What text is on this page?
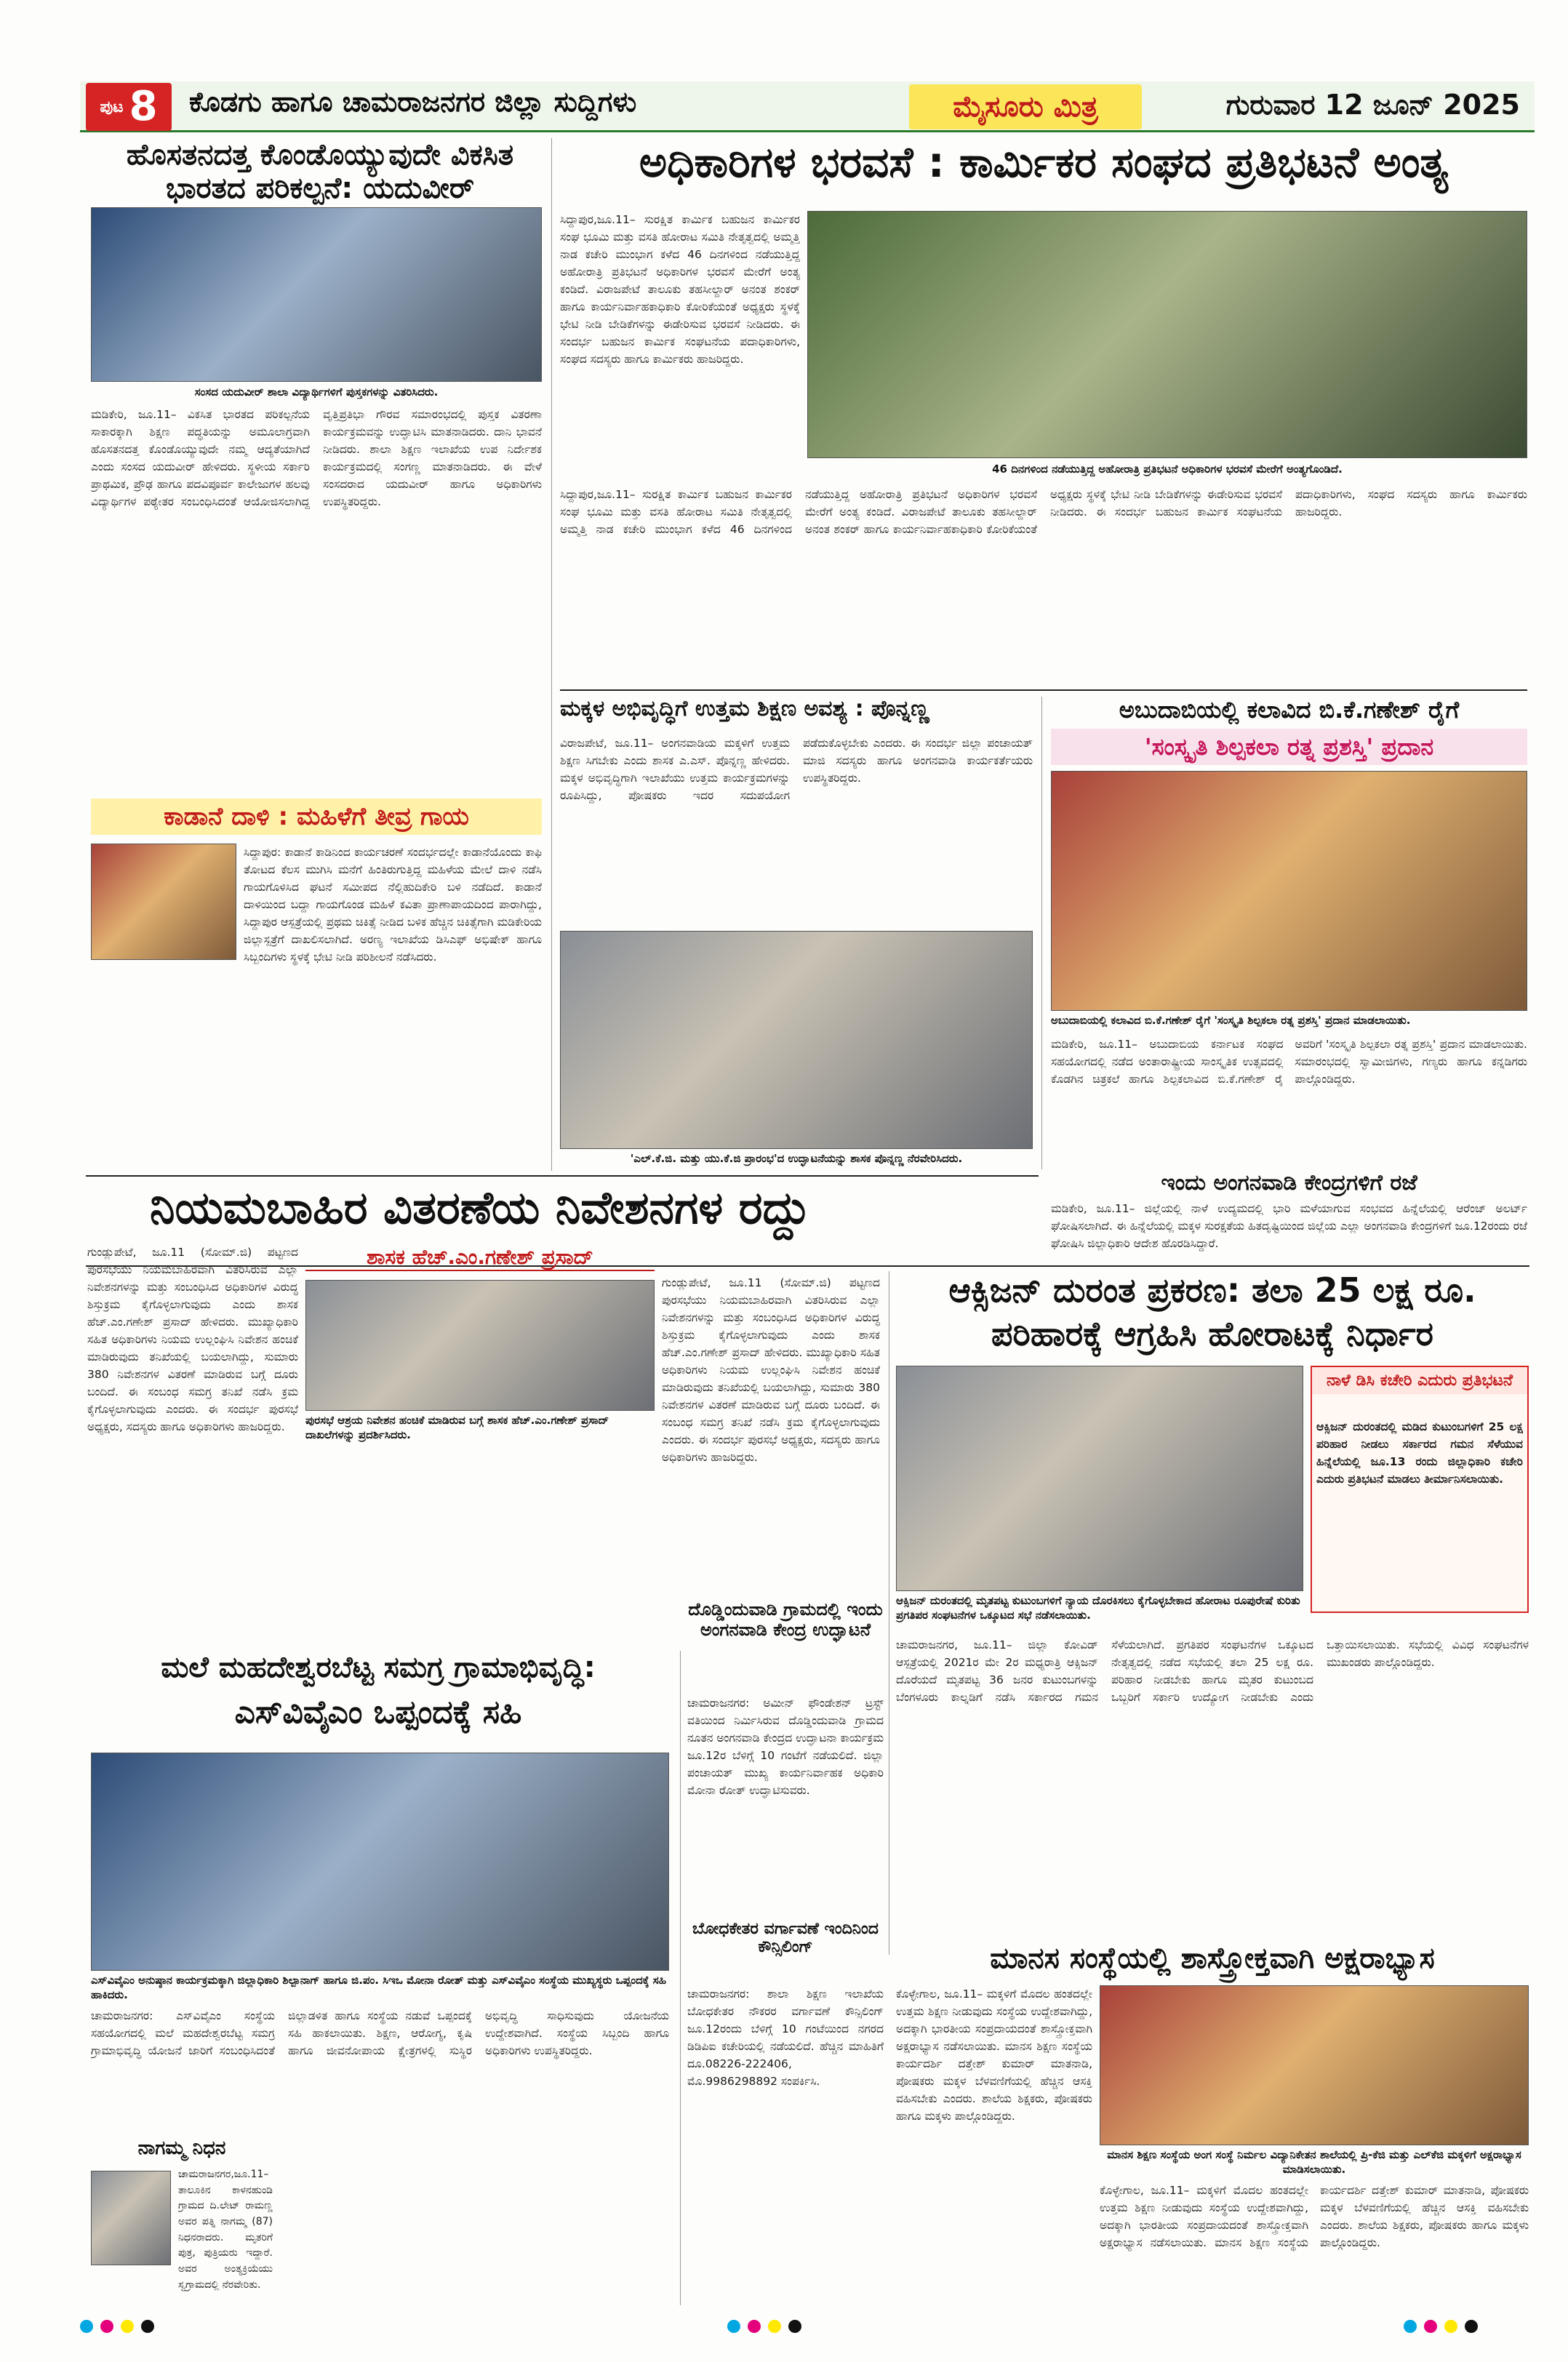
ಪುಟ 8 ಕೊಡಗು ಹಾಗೂ ಚಾಮರಾಜನಗರ ಜಿಲ್ಲಾ ಸುದ್ದಿಗಳು	ಮೈಸೂರು ಮಿತ್ರ	ಗುರುವಾರ 12 ಜೂನ್ 2025
ಹೊಸತನದತ್ತ ಕೊಂಡೊಯ್ಯುವುದೇ ವಿಕಸಿತ ಭಾರತದ ಪರಿಕಲ್ಪನೆ: ಯದುವೀರ್
ಸಂಸದ ಯದುವೀರ್ ಶಾಲಾ ವಿದ್ಯಾರ್ಥಿಗಳಿಗೆ ಪುಸ್ತಕಗಳನ್ನು ವಿತರಿಸಿದರು.
ಮಡಿಕೇರಿ, ಜೂ.11– ವಿಕಸಿತ ಭಾರತದ ಪರಿಕಲ್ಪನೆಯ ಸಾಕಾರಕ್ಕಾಗಿ ಶಿಕ್ಷಣ ಪದ್ಧತಿಯನ್ನು ಅಮೂಲಾಗ್ರವಾಗಿ ಹೊಸತನದತ್ತ ಕೊಂಡೊಯ್ಯುವುದೇ ನಮ್ಮ ಆದ್ಯತೆಯಾಗಿದೆ ಎಂದು ಸಂಸದ ಯದುವೀರ್ ಹೇಳಿದರು. ಸ್ಥಳೀಯ ಸರ್ಕಾರಿ ಪ್ರಾಥಮಿಕ, ಪ್ರೌಢ ಹಾಗೂ ಪದವಿಪೂರ್ವ ಕಾಲೇಜುಗಳ ಹಲವು ವಿದ್ಯಾರ್ಥಿಗಳ ಪಠ್ಯೇತರ ಸಂಬಂಧಿಸಿದಂತೆ ಆಯೋಜಿಸಲಾಗಿದ್ದ ವೃತ್ತಿಪ್ರತಿಭಾ ಗೌರವ ಸಮಾರಂಭದಲ್ಲಿ ಪುಸ್ತಕ ವಿತರಣಾ ಕಾರ್ಯಕ್ರಮವನ್ನು ಉದ್ಘಾಟಿಸಿ ಮಾತನಾಡಿದರು. ದಾನಿ ಭಾವನೆ ನೀಡಿದರು. ಶಾಲಾ ಶಿಕ್ಷಣ ಇಲಾಖೆಯ ಉಪ ನಿರ್ದೇಶಕ ಕಾರ್ಯಕ್ರಮದಲ್ಲಿ ಸಂಗಣ್ಣ ಮಾತನಾಡಿದರು. ಈ ವೇಳೆ ಸಂಸದರಾದ ಯದುವೀರ್ ಹಾಗೂ ಅಧಿಕಾರಿಗಳು ಉಪಸ್ಥಿತರಿದ್ದರು.
ಕಾಡಾನೆ ದಾಳಿ : ಮಹಿಳೆಗೆ ತೀವ್ರ ಗಾಯ
ಸಿದ್ದಾಪುರ: ಕಾಡಾನೆ ಕಾಡಿನಿಂದ ಕಾರ್ಯಚರಣೆ ಸಂದರ್ಭದಲ್ಲೇ ಕಾಡಾನೆಯೊಂದು ಕಾಫಿ ತೋಟದ ಕೆಲಸ ಮುಗಿಸಿ ಮನೆಗೆ ಹಿಂತಿರುಗುತ್ತಿದ್ದ ಮಹಿಳೆಯ ಮೇಲೆ ದಾಳಿ ನಡೆಸಿ ಗಾಯಗೊಳಿಸಿದ ಘಟನೆ ಸಮೀಪದ ನೆಲ್ಲಿಹುದಿಕೇರಿ ಬಳಿ ನಡೆದಿದೆ. ಕಾಡಾನೆ ದಾಳಿಯಿಂದ ಬದ್ದಾ ಗಾಯಗೊಂಡ ಮಹಿಳೆ ಕವಿತಾ ಪ್ರಾಣಾಪಾಯದಿಂದ ಪಾರಾಗಿದ್ದು, ಸಿದ್ದಾಪುರ ಆಸ್ಪತ್ರೆಯಲ್ಲಿ ಪ್ರಥಮ ಚಿಕಿತ್ಸೆ ನೀಡಿದ ಬಳಿಕ ಹೆಚ್ಚಿನ ಚಿಕಿತ್ಸೆಗಾಗಿ ಮಡಿಕೇರಿಯ ಜಿಲ್ಲಾಸ್ಪತ್ರೆಗೆ ದಾಖಲಿಸಲಾಗಿದೆ. ಅರಣ್ಯ ಇಲಾಖೆಯ ಡಿಸಿಎಫ್ ಅಭಿಷೇಕ್ ಹಾಗೂ ಸಿಬ್ಬಂದಿಗಳು ಸ್ಥಳಕ್ಕೆ ಭೇಟಿ ನೀಡಿ ಪರಿಶೀಲನೆ ನಡೆಸಿದರು.
ಅಧಿಕಾರಿಗಳ ಭರವಸೆ : ಕಾರ್ಮಿಕರ ಸಂಘದ ಪ್ರತಿಭಟನೆ ಅಂತ್ಯ
ಸಿದ್ದಾಪುರ,ಜೂ.11– ಸುರಕ್ಷಿತ ಕಾರ್ಮಿಕ ಬಹುಜನ ಕಾರ್ಮಿಕರ ಸಂಘ ಭೂಮಿ ಮತ್ತು ವಸತಿ ಹೋರಾಟ ಸಮಿತಿ ನೇತೃತ್ವದಲ್ಲಿ ಅಮ್ಮತ್ತಿ ನಾಡ ಕಚೇರಿ ಮುಂಭಾಗ ಕಳೆದ 46 ದಿನಗಳಿಂದ ನಡೆಯುತ್ತಿದ್ದ ಅಹೋರಾತ್ರಿ ಪ್ರತಿಭಟನೆ ಅಧಿಕಾರಿಗಳ ಭರವಸೆ ಮೇರೆಗೆ ಅಂತ್ಯ ಕಂಡಿದೆ. ವಿರಾಜಪೇಟೆ ತಾಲೂಕು ತಹಸೀಲ್ದಾರ್ ಅನಂತ ಶಂಕರ್ ಹಾಗೂ ಕಾರ್ಯನಿರ್ವಾಹಕಾಧಿಕಾರಿ ಕೋರಿಕೆಯಂತೆ ಅಧ್ಯಕ್ಷರು ಸ್ಥಳಕ್ಕೆ ಭೇಟಿ ನೀಡಿ ಬೇಡಿಕೆಗಳನ್ನು ಈಡೇರಿಸುವ ಭರವಸೆ ನೀಡಿದರು. ಈ ಸಂದರ್ಭ ಬಹುಜನ ಕಾರ್ಮಿಕ ಸಂಘಟನೆಯ ಪದಾಧಿಕಾರಿಗಳು, ಸಂಘದ ಸದಸ್ಯರು ಹಾಗೂ ಕಾರ್ಮಿಕರು ಹಾಜರಿದ್ದರು.
46 ದಿನಗಳಿಂದ ನಡೆಯುತ್ತಿದ್ದ ಅಹೋರಾತ್ರಿ ಪ್ರತಿಭಟನೆ ಅಧಿಕಾರಿಗಳ ಭರವಸೆ ಮೇರೆಗೆ ಅಂತ್ಯಗೊಂಡಿದೆ.
ಸಿದ್ದಾಪುರ,ಜೂ.11– ಸುರಕ್ಷಿತ ಕಾರ್ಮಿಕ ಬಹುಜನ ಕಾರ್ಮಿಕರ ಸಂಘ ಭೂಮಿ ಮತ್ತು ವಸತಿ ಹೋರಾಟ ಸಮಿತಿ ನೇತೃತ್ವದಲ್ಲಿ ಅಮ್ಮತ್ತಿ ನಾಡ ಕಚೇರಿ ಮುಂಭಾಗ ಕಳೆದ 46 ದಿನಗಳಿಂದ ನಡೆಯುತ್ತಿದ್ದ ಅಹೋರಾತ್ರಿ ಪ್ರತಿಭಟನೆ ಅಧಿಕಾರಿಗಳ ಭರವಸೆ ಮೇರೆಗೆ ಅಂತ್ಯ ಕಂಡಿದೆ. ವಿರಾಜಪೇಟೆ ತಾಲೂಕು ತಹಸೀಲ್ದಾರ್ ಅನಂತ ಶಂಕರ್ ಹಾಗೂ ಕಾರ್ಯನಿರ್ವಾಹಕಾಧಿಕಾರಿ ಕೋರಿಕೆಯಂತೆ ಅಧ್ಯಕ್ಷರು ಸ್ಥಳಕ್ಕೆ ಭೇಟಿ ನೀಡಿ ಬೇಡಿಕೆಗಳನ್ನು ಈಡೇರಿಸುವ ಭರವಸೆ ನೀಡಿದರು. ಈ ಸಂದರ್ಭ ಬಹುಜನ ಕಾರ್ಮಿಕ ಸಂಘಟನೆಯ ಪದಾಧಿಕಾರಿಗಳು, ಸಂಘದ ಸದಸ್ಯರು ಹಾಗೂ ಕಾರ್ಮಿಕರು ಹಾಜರಿದ್ದರು.
ಮಕ್ಕಳ ಅಭಿವೃದ್ಧಿಗೆ ಉತ್ತಮ ಶಿಕ್ಷಣ ಅವಶ್ಯ : ಪೊನ್ನಣ್ಣ
ವಿರಾಜಪೇಟೆ, ಜೂ.11– ಅಂಗನವಾಡಿಯ ಮಕ್ಕಳಿಗೆ ಉತ್ತಮ ಶಿಕ್ಷಣ ಸಿಗಬೇಕು ಎಂದು ಶಾಸಕ ಎ.ಎಸ್. ಪೊನ್ನಣ್ಣ ಹೇಳಿದರು. ಮಕ್ಕಳ ಅಭಿವೃದ್ಧಿಗಾಗಿ ಇಲಾಖೆಯು ಉತ್ತಮ ಕಾರ್ಯಕ್ರಮಗಳನ್ನು ರೂಪಿಸಿದ್ದು, ಪೋಷಕರು ಇದರ ಸದುಪಯೋಗ ಪಡೆದುಕೊಳ್ಳಬೇಕು ಎಂದರು. ಈ ಸಂದರ್ಭ ಜಿಲ್ಲಾ ಪಂಚಾಯತ್ ಮಾಜಿ ಸದಸ್ಯರು ಹಾಗೂ ಅಂಗನವಾಡಿ ಕಾರ್ಯಕರ್ತೆಯರು ಉಪಸ್ಥಿತರಿದ್ದರು.
'ಎಲ್.ಕೆ.ಜಿ. ಮತ್ತು ಯು.ಕೆ.ಜಿ ಪ್ರಾರಂಭ'ದ ಉದ್ಘಾಟನೆಯನ್ನು ಶಾಸಕ ಪೊನ್ನಣ್ಣ ನೆರವೇರಿಸಿದರು.
ಅಬುದಾಬಿಯಲ್ಲಿ ಕಲಾವಿದ ಬಿ.ಕೆ.ಗಣೇಶ್ ರೈಗೆ
'ಸಂಸ್ಕೃತಿ ಶಿಲ್ಪಕಲಾ ರತ್ನ ಪ್ರಶಸ್ತಿ' ಪ್ರದಾನ
ಅಬುದಾಬಿಯಲ್ಲಿ ಕಲಾವಿದ ಬಿ.ಕೆ.ಗಣೇಶ್ ರೈಗೆ 'ಸಂಸ್ಕೃತಿ ಶಿಲ್ಪಕಲಾ ರತ್ನ ಪ್ರಶಸ್ತಿ' ಪ್ರದಾನ ಮಾಡಲಾಯಿತು.
ಮಡಿಕೇರಿ, ಜೂ.11– ಅಬುದಾಬಿಯ ಕರ್ನಾಟಕ ಸಂಘದ ಸಹಯೋಗದಲ್ಲಿ ನಡೆದ ಅಂತಾರಾಷ್ಟ್ರೀಯ ಸಾಂಸ್ಕೃತಿಕ ಉತ್ಸವದಲ್ಲಿ ಕೊಡಗಿನ ಚಿತ್ರಕಲೆ ಹಾಗೂ ಶಿಲ್ಪಕಲಾವಿದ ಬಿ.ಕೆ.ಗಣೇಶ್ ರೈ ಅವರಿಗೆ 'ಸಂಸ್ಕೃತಿ ಶಿಲ್ಪಕಲಾ ರತ್ನ ಪ್ರಶಸ್ತಿ' ಪ್ರದಾನ ಮಾಡಲಾಯಿತು. ಸಮಾರಂಭದಲ್ಲಿ ಸ್ವಾಮೀಜಿಗಳು, ಗಣ್ಯರು ಹಾಗೂ ಕನ್ನಡಿಗರು ಪಾಲ್ಗೊಂಡಿದ್ದರು.
ಇಂದು ಅಂಗನವಾಡಿ ಕೇಂದ್ರಗಳಿಗೆ ರಜೆ
ಮಡಿಕೇರಿ, ಜೂ.11– ಜಿಲ್ಲೆಯಲ್ಲಿ ನಾಳೆ ಉದ್ಯಮದಲ್ಲಿ ಭಾರಿ ಮಳೆಯಾಗುವ ಸಂಭವದ ಹಿನ್ನೆಲೆಯಲ್ಲಿ ಆರೆಂಜ್ ಅಲರ್ಟ್ ಘೋಷಿಸಲಾಗಿದೆ. ಈ ಹಿನ್ನೆಲೆಯಲ್ಲಿ ಮಕ್ಕಳ ಸುರಕ್ಷತೆಯ ಹಿತದೃಷ್ಟಿಯಿಂದ ಜಿಲ್ಲೆಯ ಎಲ್ಲಾ ಅಂಗನವಾಡಿ ಕೇಂದ್ರಗಳಿಗೆ ಜೂ.12ರಂದು ರಜೆ ಘೋಷಿಸಿ ಜಿಲ್ಲಾಧಿಕಾರಿ ಆದೇಶ ಹೊರಡಿಸಿದ್ದಾರೆ.
ನಿಯಮಬಾಹಿರ ವಿತರಣೆಯ ನಿವೇಶನಗಳ ರದ್ದು
ಗುಂಡ್ಲುಪೇಟೆ, ಜೂ.11 (ಸೋಮ್.ಜಿ) ಪಟ್ಟಣದ ಪುರಸಭೆಯು ನಿಯಮಬಾಹಿರವಾಗಿ ವಿತರಿಸಿರುವ ಎಲ್ಲಾ ನಿವೇಶನಗಳನ್ನು ಮತ್ತು ಸಂಬಂಧಿಸಿದ ಅಧಿಕಾರಿಗಳ ವಿರುದ್ಧ ಶಿಸ್ತುಕ್ರಮ ಕೈಗೊಳ್ಳಲಾಗುವುದು ಎಂದು ಶಾಸಕ ಹೆಚ್.ಎಂ.ಗಣೇಶ್ ಪ್ರಸಾದ್ ಹೇಳಿದರು. ಮುಖ್ಯಾಧಿಕಾರಿ ಸಹಿತ ಅಧಿಕಾರಿಗಳು ನಿಯಮ ಉಲ್ಲಂಘಿಸಿ ನಿವೇಶನ ಹಂಚಿಕೆ ಮಾಡಿರುವುದು ತನಿಖೆಯಲ್ಲಿ ಬಯಲಾಗಿದ್ದು, ಸುಮಾರು 380 ನಿವೇಶನಗಳ ವಿತರಣೆ ಮಾಡಿರುವ ಬಗ್ಗೆ ದೂರು ಬಂದಿದೆ. ಈ ಸಂಬಂಧ ಸಮಗ್ರ ತನಿಖೆ ನಡೆಸಿ ಕ್ರಮ ಕೈಗೊಳ್ಳಲಾಗುವುದು ಎಂದರು. ಈ ಸಂದರ್ಭ ಪುರಸಭೆ ಅಧ್ಯಕ್ಷರು, ಸದಸ್ಯರು ಹಾಗೂ ಅಧಿಕಾರಿಗಳು ಹಾಜರಿದ್ದರು.
ಶಾಸಕ ಹೆಚ್.ಎಂ.ಗಣೇಶ್ ಪ್ರಸಾದ್
ಪುರಸಭೆ ಆಶ್ರಯ ನಿವೇಶನ ಹಂಚಿಕೆ ಮಾಡಿರುವ ಬಗ್ಗೆ ಶಾಸಕ ಹೆಚ್.ಎಂ.ಗಣೇಶ್ ಪ್ರಸಾದ್ ದಾಖಲೆಗಳನ್ನು ಪ್ರದರ್ಶಿಸಿದರು.
ಗುಂಡ್ಲುಪೇಟೆ, ಜೂ.11 (ಸೋಮ್.ಜಿ) ಪಟ್ಟಣದ ಪುರಸಭೆಯು ನಿಯಮಬಾಹಿರವಾಗಿ ವಿತರಿಸಿರುವ ಎಲ್ಲಾ ನಿವೇಶನಗಳನ್ನು ಮತ್ತು ಸಂಬಂಧಿಸಿದ ಅಧಿಕಾರಿಗಳ ವಿರುದ್ಧ ಶಿಸ್ತುಕ್ರಮ ಕೈಗೊಳ್ಳಲಾಗುವುದು ಎಂದು ಶಾಸಕ ಹೆಚ್.ಎಂ.ಗಣೇಶ್ ಪ್ರಸಾದ್ ಹೇಳಿದರು. ಮುಖ್ಯಾಧಿಕಾರಿ ಸಹಿತ ಅಧಿಕಾರಿಗಳು ನಿಯಮ ಉಲ್ಲಂಘಿಸಿ ನಿವೇಶನ ಹಂಚಿಕೆ ಮಾಡಿರುವುದು ತನಿಖೆಯಲ್ಲಿ ಬಯಲಾಗಿದ್ದು, ಸುಮಾರು 380 ನಿವೇಶನಗಳ ವಿತರಣೆ ಮಾಡಿರುವ ಬಗ್ಗೆ ದೂರು ಬಂದಿದೆ. ಈ ಸಂಬಂಧ ಸಮಗ್ರ ತನಿಖೆ ನಡೆಸಿ ಕ್ರಮ ಕೈಗೊಳ್ಳಲಾಗುವುದು ಎಂದರು. ಈ ಸಂದರ್ಭ ಪುರಸಭೆ ಅಧ್ಯಕ್ಷರು, ಸದಸ್ಯರು ಹಾಗೂ ಅಧಿಕಾರಿಗಳು ಹಾಜರಿದ್ದರು.
ಆಕ್ಸಿಜನ್ ದುರಂತ ಪ್ರಕರಣ: ತಲಾ 25 ಲಕ್ಷ ರೂ.
ಪರಿಹಾರಕ್ಕೆ ಆಗ್ರಹಿಸಿ ಹೋರಾಟಕ್ಕೆ ನಿರ್ಧಾರ
ಆಕ್ಸಿಜನ್ ದುರಂತದಲ್ಲಿ ಮೃತಪಟ್ಟ ಕುಟುಂಬಗಳಿಗೆ ನ್ಯಾಯ ದೊರಕಿಸಲು ಕೈಗೊಳ್ಳಬೇಕಾದ ಹೋರಾಟ ರೂಪುರೇಷೆ ಕುರಿತು ಪ್ರಗತಿಪರ ಸಂಘಟನೆಗಳ ಒಕ್ಕೂಟದ ಸಭೆ ನಡೆಸಲಾಯಿತು.
ನಾಳೆ ಡಿಸಿ ಕಚೇರಿ ಎದುರು ಪ್ರತಿಭಟನೆ
ಆಕ್ಸಿಜನ್ ದುರಂತದಲ್ಲಿ ಮಡಿದ ಕುಟುಂಬಗಳಿಗೆ 25 ಲಕ್ಷ ಪರಿಹಾರ ನೀಡಲು ಸರ್ಕಾರದ ಗಮನ ಸೆಳೆಯುವ ಹಿನ್ನೆಲೆಯಲ್ಲಿ ಜೂ.13 ರಂದು ಜಿಲ್ಲಾಧಿಕಾರಿ ಕಚೇರಿ ಎದುರು ಪ್ರತಿಭಟನೆ ಮಾಡಲು ತೀರ್ಮಾನಿಸಲಾಯಿತು.
ಚಾಮರಾಜನಗರ, ಜೂ.11– ಜಿಲ್ಲಾ ಕೋವಿಡ್ ಆಸ್ಪತ್ರೆಯಲ್ಲಿ 2021ರ ಮೇ 2ರ ಮಧ್ಯರಾತ್ರಿ ಆಕ್ಸಿಜನ್ ದೊರೆಯದೆ ಮೃತಪಟ್ಟ 36 ಜನರ ಕುಟುಂಬಗಳನ್ನು ಬೆಂಗಳೂರು ಕಾಲ್ನಡಿಗೆ ನಡೆಸಿ ಸರ್ಕಾರದ ಗಮನ ಸೆಳೆಯಲಾಗಿದೆ. ಪ್ರಗತಿಪರ ಸಂಘಟನೆಗಳ ಒಕ್ಕೂಟದ ನೇತೃತ್ವದಲ್ಲಿ ನಡೆದ ಸಭೆಯಲ್ಲಿ ತಲಾ 25 ಲಕ್ಷ ರೂ. ಪರಿಹಾರ ನೀಡಬೇಕು ಹಾಗೂ ಮೃತರ ಕುಟುಂಬದ ಒಬ್ಬರಿಗೆ ಸರ್ಕಾರಿ ಉದ್ಯೋಗ ನೀಡಬೇಕು ಎಂದು ಒತ್ತಾಯಿಸಲಾಯಿತು. ಸಭೆಯಲ್ಲಿ ವಿವಿಧ ಸಂಘಟನೆಗಳ ಮುಖಂಡರು ಪಾಲ್ಗೊಂಡಿದ್ದರು.
ಮಲೆ ಮಹದೇಶ್ವರಬೆಟ್ಟ ಸಮಗ್ರ ಗ್ರಾಮಾಭಿವೃದ್ಧಿ:
ಎಸ್‌ವಿವೈಎಂ ಒಪ್ಪಂದಕ್ಕೆ ಸಹಿ
ಎಸ್‌ವಿವೈಎಂ ಅನುಷ್ಠಾನ ಕಾರ್ಯಕ್ರಮಕ್ಕಾಗಿ ಜಿಲ್ಲಾಧಿಕಾರಿ ಶಿಲ್ಪಾನಾಗ್ ಹಾಗೂ ಜಿ.ಪಂ. ಸಿಇಒ ಮೋನಾ ರೋತ್ ಮತ್ತು ಎಸ್‌ವಿವೈಎಂ ಸಂಸ್ಥೆಯ ಮುಖ್ಯಸ್ಥರು ಒಪ್ಪಂದಕ್ಕೆ ಸಹಿ ಹಾಕಿದರು.
ಚಾಮರಾಜನಗರ: ಎಸ್‌ವಿವೈಎಂ ಸಂಸ್ಥೆಯ ಸಹಯೋಗದಲ್ಲಿ ಮಲೆ ಮಹದೇಶ್ವರಬೆಟ್ಟ ಸಮಗ್ರ ಗ್ರಾಮಾಭಿವೃದ್ಧಿ ಯೋಜನೆ ಜಾರಿಗೆ ಸಂಬಂಧಿಸಿದಂತೆ ಜಿಲ್ಲಾಡಳಿತ ಹಾಗೂ ಸಂಸ್ಥೆಯ ನಡುವೆ ಒಪ್ಪಂದಕ್ಕೆ ಸಹಿ ಹಾಕಲಾಯಿತು. ಶಿಕ್ಷಣ, ಆರೋಗ್ಯ, ಕೃಷಿ ಹಾಗೂ ಜೀವನೋಪಾಯ ಕ್ಷೇತ್ರಗಳಲ್ಲಿ ಸುಸ್ಥಿರ ಅಭಿವೃದ್ಧಿ ಸಾಧಿಸುವುದು ಯೋಜನೆಯ ಉದ್ದೇಶವಾಗಿದೆ. ಸಂಸ್ಥೆಯ ಸಿಬ್ಬಂದಿ ಹಾಗೂ ಅಧಿಕಾರಿಗಳು ಉಪಸ್ಥಿತರಿದ್ದರು.
ನಾಗಮ್ಮ ನಿಧನ
ಚಾಮರಾಜನಗರ,ಜೂ.11–ತಾಲೂಕಿನ ಕಾಳನಹುಂಡಿ ಗ್ರಾಮದ ದಿ.ಲೇಟ್ ರಾಮಣ್ಣ ಅವರ ಪತ್ನಿ ನಾಗಮ್ಮ (87) ನಿಧನರಾದರು. ಮೃತರಿಗೆ ಪುತ್ರ, ಪುತ್ರಿಯರು ಇದ್ದಾರೆ. ಅವರ ಅಂತ್ಯಕ್ರಿಯೆಯು ಸ್ವಗ್ರಾಮದಲ್ಲಿ ನೆರವೇರಿತು.
ದೊಡ್ಡಿಂದುವಾಡಿ ಗ್ರಾಮದಲ್ಲಿ ಇಂದು ಅಂಗನವಾಡಿ ಕೇಂದ್ರ ಉದ್ಘಾಟನೆ
ಚಾಮರಾಜನಗರ: ಅಮೀನ್ ಫೌಂಡೇಶನ್ ಟ್ರಸ್ಟ್ ವತಿಯಿಂದ ನಿರ್ಮಿಸಿರುವ ದೊಡ್ಡಿಂದುವಾಡಿ ಗ್ರಾಮದ ನೂತನ ಅಂಗನವಾಡಿ ಕೇಂದ್ರದ ಉದ್ಘಾಟನಾ ಕಾರ್ಯಕ್ರಮ ಜೂ.12ರ ಬೆಳಿಗ್ಗೆ 10 ಗಂಟೆಗೆ ನಡೆಯಲಿದೆ. ಜಿಲ್ಲಾ ಪಂಚಾಯತ್ ಮುಖ್ಯ ಕಾರ್ಯನಿರ್ವಾಹಕ ಅಧಿಕಾರಿ ಮೋನಾ ರೋತ್ ಉದ್ಘಾಟಿಸುವರು.
ಬೋಧಕೇತರ ವರ್ಗಾವಣೆ ಇಂದಿನಿಂದ ಕೌನ್ಸಿಲಿಂಗ್
ಚಾಮರಾಜನಗರ: ಶಾಲಾ ಶಿಕ್ಷಣ ಇಲಾಖೆಯ ಬೋಧಕೇತರ ನೌಕರರ ವರ್ಗಾವಣೆ ಕೌನ್ಸಿಲಿಂಗ್ ಜೂ.12ರಂದು ಬೆಳಿಗ್ಗೆ 10 ಗಂಟೆಯಿಂದ ನಗರದ ಡಿಡಿಪಿಐ ಕಚೇರಿಯಲ್ಲಿ ನಡೆಯಲಿದೆ. ಹೆಚ್ಚಿನ ಮಾಹಿತಿಗೆ ದೂ.08226-222406, ಮೊ.9986298892 ಸಂಪರ್ಕಿಸಿ.
ಮಾನಸ ಸಂಸ್ಥೆಯಲ್ಲಿ ಶಾಸ್ತ್ರೋಕ್ತವಾಗಿ ಅಕ್ಷರಾಭ್ಯಾಸ
ಕೊಳ್ಳೇಗಾಲ, ಜೂ.11– ಮಕ್ಕಳಿಗೆ ಮೊದಲ ಹಂತದಲ್ಲೇ ಉತ್ತಮ ಶಿಕ್ಷಣ ನೀಡುವುದು ಸಂಸ್ಥೆಯ ಉದ್ದೇಶವಾಗಿದ್ದು, ಅದಕ್ಕಾಗಿ ಭಾರತೀಯ ಸಂಪ್ರದಾಯದಂತೆ ಶಾಸ್ತ್ರೋಕ್ತವಾಗಿ ಅಕ್ಷರಾಭ್ಯಾಸ ನಡೆಸಲಾಯಿತು. ಮಾನಸ ಶಿಕ್ಷಣ ಸಂಸ್ಥೆಯ ಕಾರ್ಯದರ್ಶಿ ದತ್ತೇಶ್ ಕುಮಾರ್ ಮಾತನಾಡಿ, ಪೋಷಕರು ಮಕ್ಕಳ ಬೆಳವಣಿಗೆಯಲ್ಲಿ ಹೆಚ್ಚಿನ ಆಸಕ್ತಿ ವಹಿಸಬೇಕು ಎಂದರು. ಶಾಲೆಯ ಶಿಕ್ಷಕರು, ಪೋಷಕರು ಹಾಗೂ ಮಕ್ಕಳು ಪಾಲ್ಗೊಂಡಿದ್ದರು.
ಮಾನಸ ಶಿಕ್ಷಣ ಸಂಸ್ಥೆಯ ಅಂಗ ಸಂಸ್ಥೆ ನಿರ್ಮಲ ವಿದ್ಯಾನಿಕೇತನ ಶಾಲೆಯಲ್ಲಿ ಪ್ರಿ-ಕೆಜಿ ಮತ್ತು ಎಲ್‌ಕೆಜಿ ಮಕ್ಕಳಿಗೆ ಅಕ್ಷರಾಭ್ಯಾಸ ಮಾಡಿಸಲಾಯಿತು.
ಕೊಳ್ಳೇಗಾಲ, ಜೂ.11– ಮಕ್ಕಳಿಗೆ ಮೊದಲ ಹಂತದಲ್ಲೇ ಉತ್ತಮ ಶಿಕ್ಷಣ ನೀಡುವುದು ಸಂಸ್ಥೆಯ ಉದ್ದೇಶವಾಗಿದ್ದು, ಅದಕ್ಕಾಗಿ ಭಾರತೀಯ ಸಂಪ್ರದಾಯದಂತೆ ಶಾಸ್ತ್ರೋಕ್ತವಾಗಿ ಅಕ್ಷರಾಭ್ಯಾಸ ನಡೆಸಲಾಯಿತು. ಮಾನಸ ಶಿಕ್ಷಣ ಸಂಸ್ಥೆಯ ಕಾರ್ಯದರ್ಶಿ ದತ್ತೇಶ್ ಕುಮಾರ್ ಮಾತನಾಡಿ, ಪೋಷಕರು ಮಕ್ಕಳ ಬೆಳವಣಿಗೆಯಲ್ಲಿ ಹೆಚ್ಚಿನ ಆಸಕ್ತಿ ವಹಿಸಬೇಕು ಎಂದರು. ಶಾಲೆಯ ಶಿಕ್ಷಕರು, ಪೋಷಕರು ಹಾಗೂ ಮಕ್ಕಳು ಪಾಲ್ಗೊಂಡಿದ್ದರು.
